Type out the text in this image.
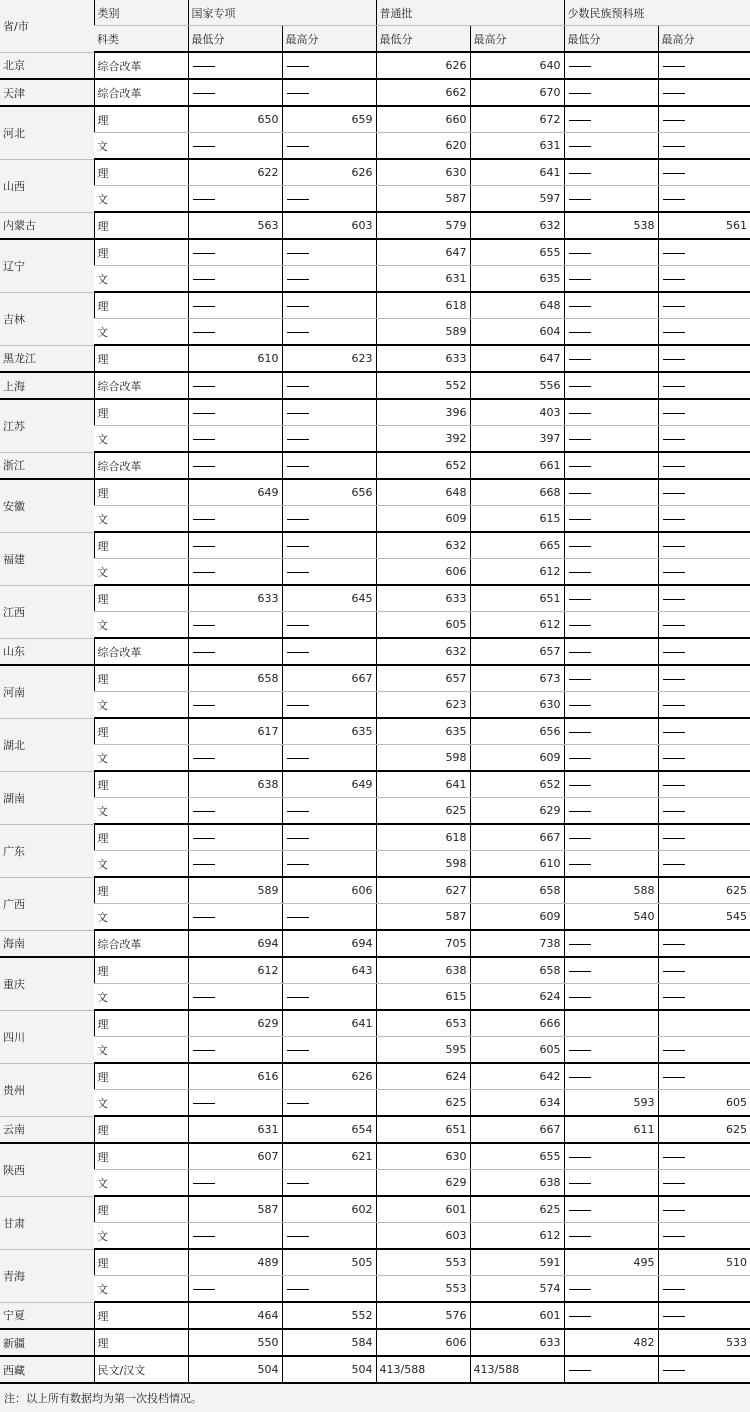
省/市	类别	国家专项		普通批		少数民族预科班	
	科类	最低分	最高分	最低分	最高分	最低分	最高分
北京	综合改革			626	640		
天津	综合改革			662	670		
河北	理	650	659	660	672		
	文			620	631		
山西	理	622	626	630	641		
	文			587	597		
内蒙古	理	563	603	579	632	538	561
辽宁	理			647	655		
	文			631	635		
吉林	理			618	648		
	文			589	604		
黑龙江	理	610	623	633	647		
上海	综合改革			552	556		
江苏	理			396	403		
	文			392	397		
浙江	综合改革			652	661		
安徽	理	649	656	648	668		
	文			609	615		
福建	理			632	665		
	文			606	612		
江西	理	633	645	633	651		
	文			605	612		
山东	综合改革			632	657		
河南	理	658	667	657	673		
	文			623	630		
湖北	理	617	635	635	656		
	文			598	609		
湖南	理	638	649	641	652		
	文			625	629		
广东	理			618	667		
	文			598	610		
广西	理	589	606	627	658	588	625
	文			587	609	540	545
海南	综合改革	694	694	705	738		
重庆	理	612	643	638	658		
	文			615	624		
四川	理	629	641	653	666		
	文			595	605		
贵州	理	616	626	624	642		
	文			625	634	593	605
云南	理	631	654	651	667	611	625
陕西	理	607	621	630	655		
	文			629	638		
甘肃	理	587	602	601	625		
	文			603	612		
青海	理	489	505	553	591	495	510
	文			553	574		
宁夏	理	464	552	576	601		
新疆	理	550	584	606	633	482	533
西藏	民文/汉文	504	504	413/588	413/588		
注：以上所有数据均为第一次投档情况。
